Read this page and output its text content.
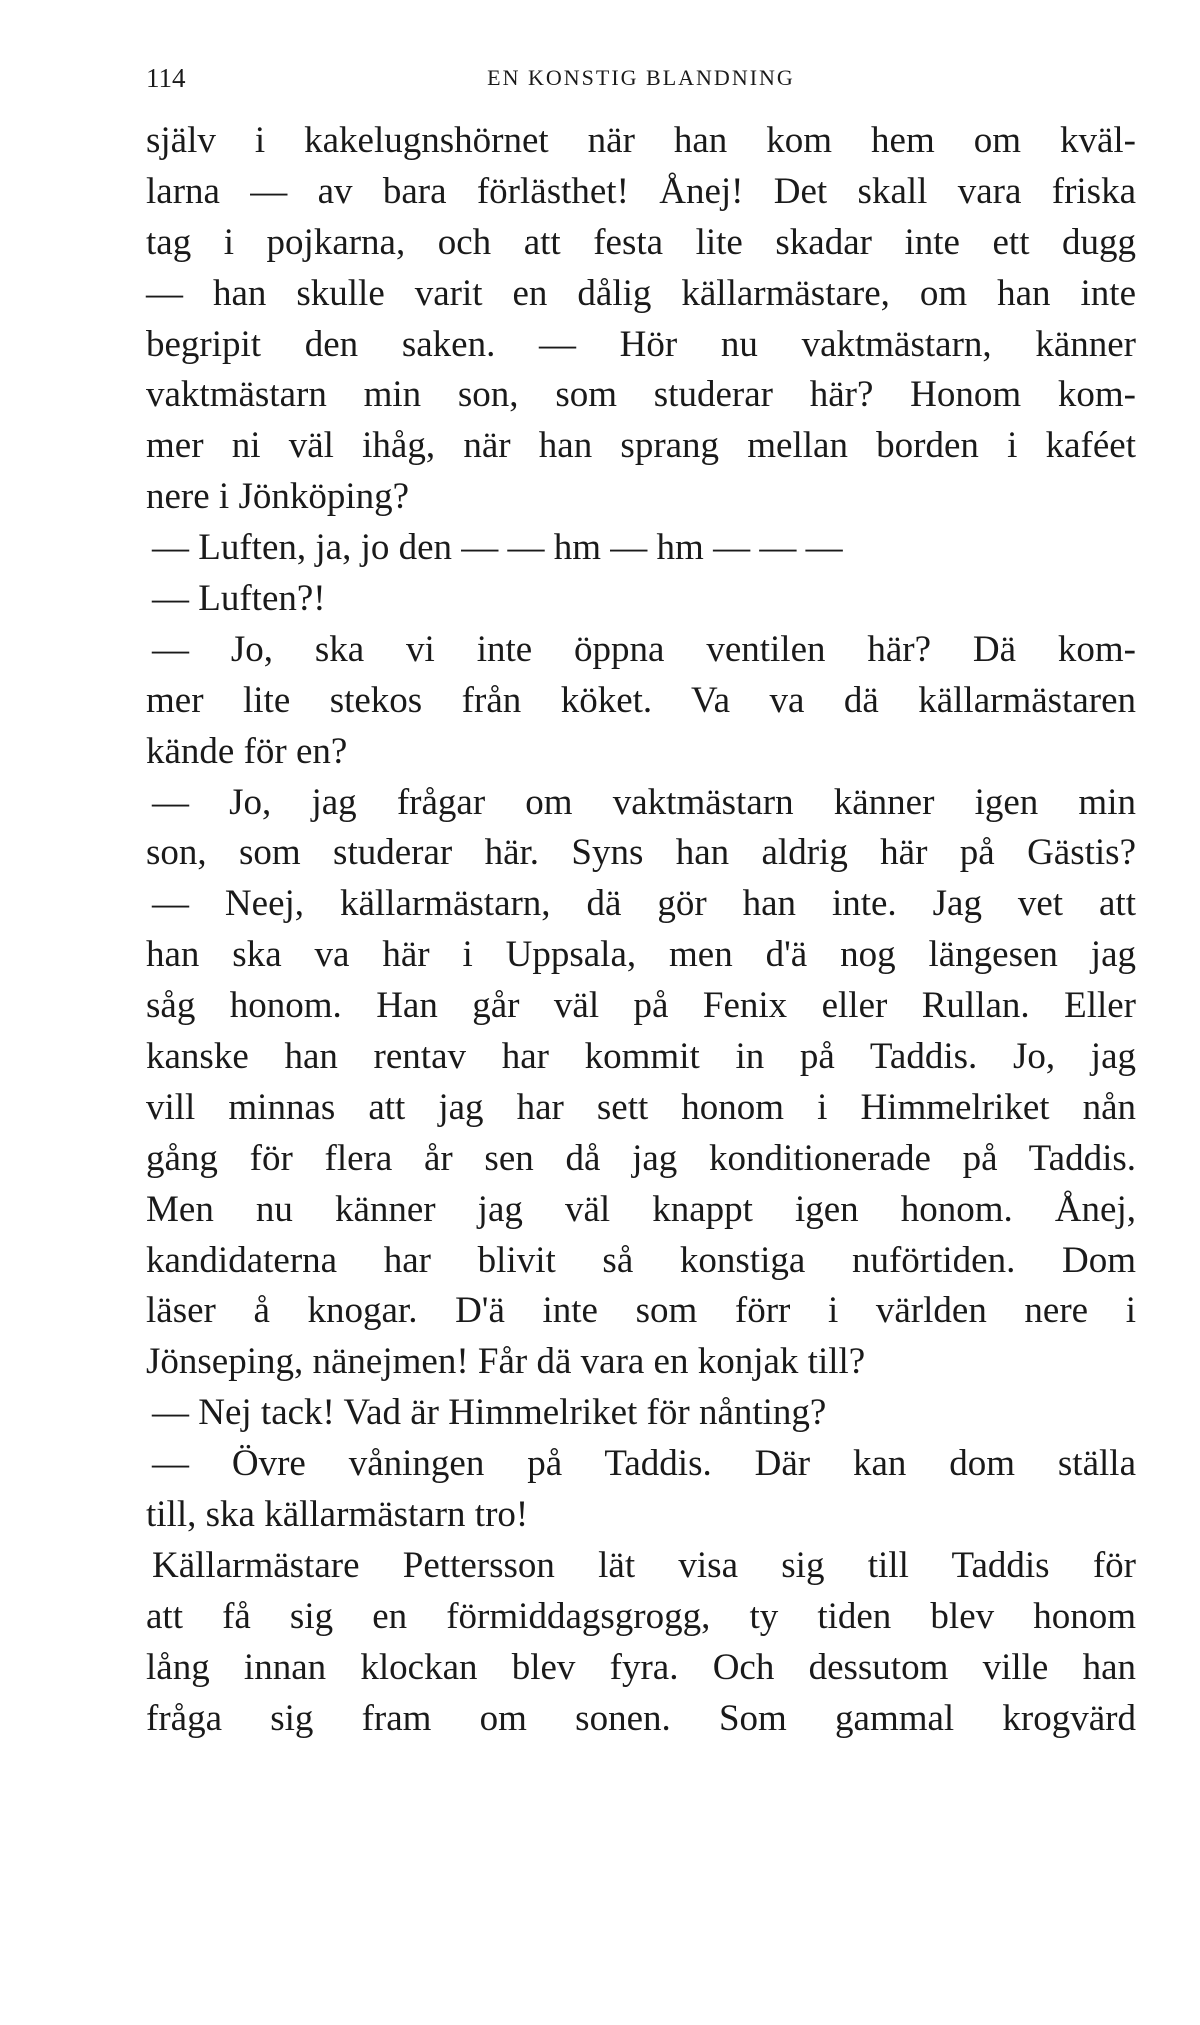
114	EN KONSTIG BLANDNING
själv i kakelugnshörnet när han kom hem om kväl-
larna — av bara förlästhet! Ånej! Det skall vara friska
tag i pojkarna, och att festa lite skadar inte ett dugg
— han skulle varit en dålig källarmästare, om han inte
begripit den saken. — Hör nu vaktmästarn, känner
vaktmästarn min son, som studerar här? Honom kom-
mer ni väl ihåg, när han sprang mellan borden i kaféet
nere i Jönköping?
— Luften, ja, jo den — — hm — hm — — —
— Luften?!
— Jo, ska vi inte öppna ventilen här? Dä kom-
mer lite stekos från köket. Va va dä källarmästaren
kände för en?
— Jo, jag frågar om vaktmästarn känner igen min
son, som studerar här. Syns han aldrig här på Gästis?
— Neej, källarmästarn, dä gör han inte. Jag vet att
han ska va här i Uppsala, men d'ä nog längesen jag
såg honom. Han går väl på Fenix eller Rullan. Eller
kanske han rentav har kommit in på Taddis. Jo, jag
vill minnas att jag har sett honom i Himmelriket nån
gång för flera år sen då jag konditionerade på Taddis.
Men nu känner jag väl knappt igen honom. Ånej,
kandidaterna har blivit så konstiga nuförtiden. Dom
läser å knogar. D'ä inte som förr i världen nere i
Jönseping, nänejmen! Får dä vara en konjak till?
— Nej tack! Vad är Himmelriket för nånting?
— Övre våningen på Taddis. Där kan dom ställa
till, ska källarmästarn tro!
Källarmästare Pettersson lät visa sig till Taddis för
att få sig en förmiddagsgrogg, ty tiden blev honom
lång innan klockan blev fyra. Och dessutom ville han
fråga sig fram om sonen. Som gammal krogvärd
